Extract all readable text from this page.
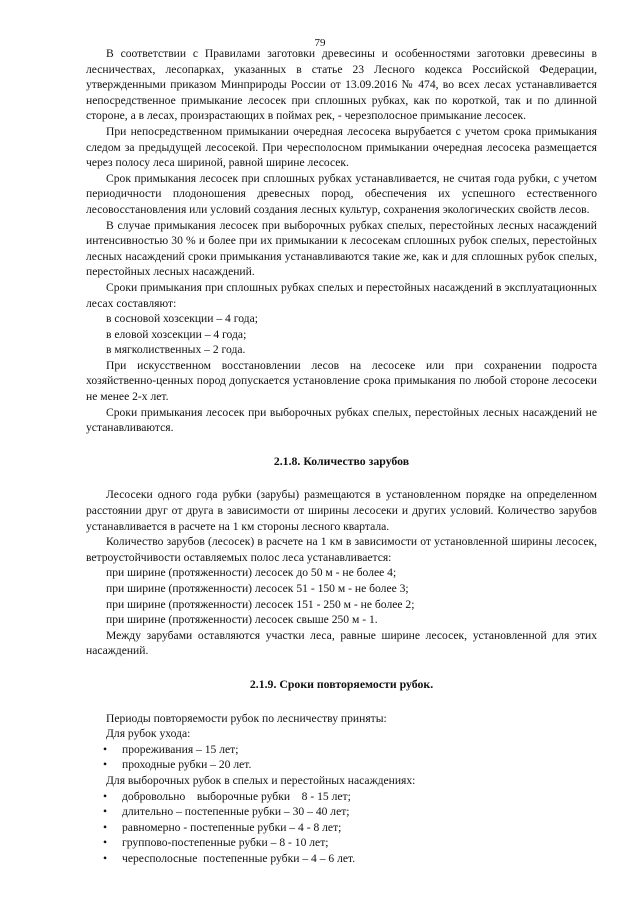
79

В соответствии с Правилами заготовки древесины и особенностями заготовки древесины в лесничествах, лесопарках, указанных в статье 23 Лесного кодекса Российской Федерации, утвержденными приказом Минприроды России от 13.09.2016 № 474, во всех лесах устанавливается непосредственное примыкание лесосек при сплошных рубках, как по короткой, так и по длинной стороне, а в лесах, произрастающих в поймах рек, - черезполосное примыкание лесосек.

При непосредственном примыкании очередная лесосека вырубается с учетом срока примыкания следом за предыдущей лесосекой. При чересполосном примыкании очередная лесосека размещается через полосу леса шириной, равной ширине лесосек.

Срок примыкания лесосек при сплошных рубках устанавливается, не считая года рубки, с учетом периодичности плодоношения древесных пород, обеспечения их успешного естественного лесовосстановления или условий создания лесных культур, сохранения экологических свойств лесов.

В случае примыкания лесосек при выборочных рубках спелых, перестойных лесных насаждений интенсивностью 30 % и более при их примыкании к лесосекам сплошных рубок спелых, перестойных лесных насаждений сроки примыкания устанавливаются такие же, как и для сплошных рубок спелых, перестойных лесных насаждений.

Сроки примыкания при сплошных рубках спелых и перестойных насаждений в эксплуатационных лесах составляют:

в сосновой хозсекции – 4 года;
в еловой хозсекции – 4 года;
в мягколиственных – 2 года.

При искусственном восстановлении лесов на лесосеке или при сохранении подроста хозяйственно-ценных пород допускается установление срока примыкания по любой стороне лесосеки не менее 2-х лет.

Сроки примыкания лесосек при выборочных рубках спелых, перестойных лесных насаждений не устанавливаются.

2.1.8. Количество зарубов

Лесосеки одного года рубки (зарубы) размещаются в установленном порядке на определенном расстоянии друг от друга в зависимости от ширины лесосеки и других условий. Количество зарубов устанавливается в расчете на 1 км стороны лесного квартала.

Количество зарубов (лесосек) в расчете на 1 км в зависимости от установленной ширины лесосек, ветроустойчивости оставляемых полос леса устанавливается:

при ширине (протяженности) лесосек до 50 м - не более 4;
при ширине (протяженности) лесосек 51 - 150 м - не более 3;
при ширине (протяженности) лесосек 151 - 250 м - не более 2;
при ширине (протяженности) лесосек свыше 250 м - 1.

Между зарубами оставляются участки леса, равные ширине лесосек, установленной для этих насаждений.

2.1.9. Сроки повторяемости рубок.
Периоды повторяемости рубок по лесничеству приняты:
Для рубок ухода:
• прореживания – 15 лет;
• проходные рубки – 20 лет.
Для выборочных рубок в спелых и перестойных насаждениях:
• добровольно    выборочные рубки    8 - 15 лет;
• длительно – постепенные рубки – 30 – 40 лет;
• равномерно - постепенные рубки – 4 - 8 лет;
• группово-постепенные рубки – 8 - 10 лет;
• чересполосные  постепенные рубки – 4 – 6 лет.
